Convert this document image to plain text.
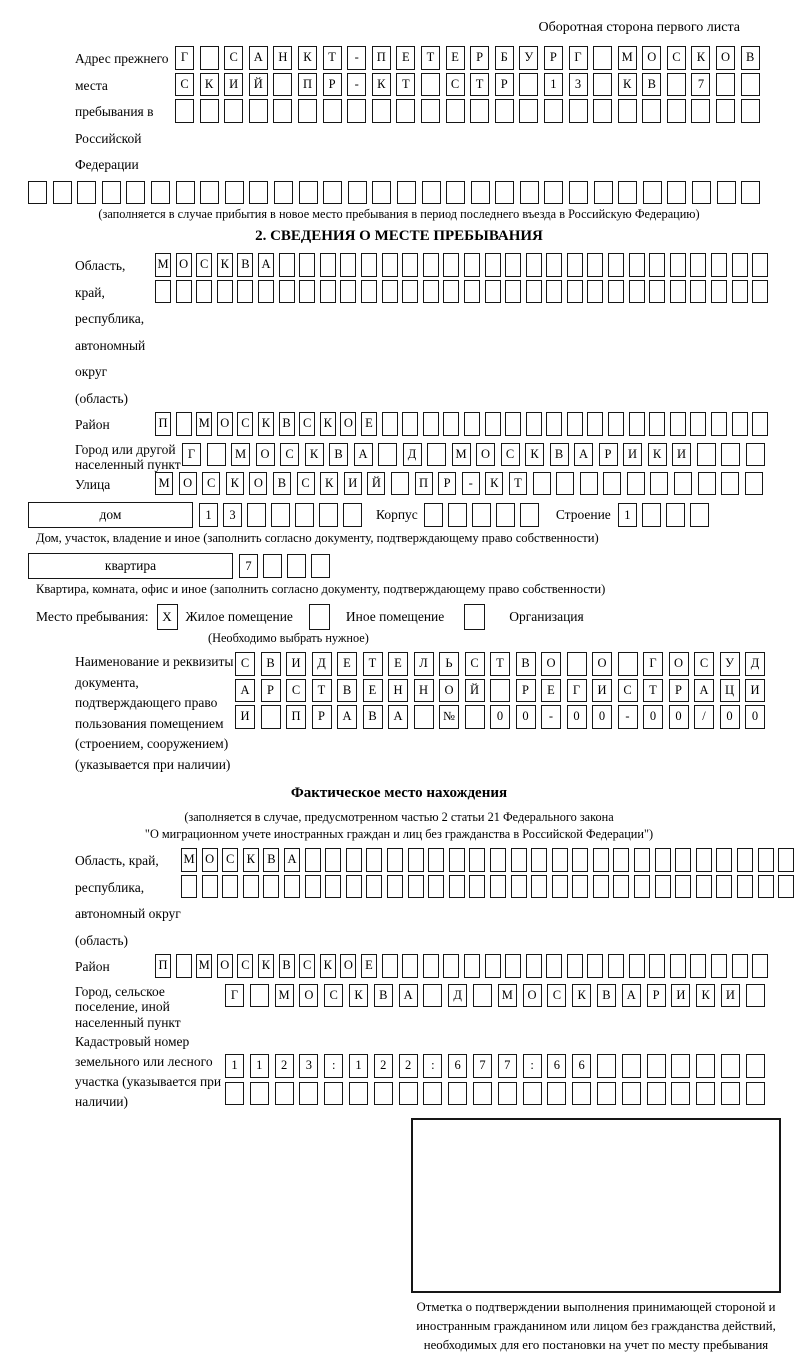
Оборотная сторона первого листа
Адрес прежнего места пребывания в Российской Федерации
Г	С	А	Н	К	Т	-	П	Е	Т	Е	Р	Б	У	Р	Г	М	О	С	К	О	В
С	К	И	Й	П	Р	-	К	Т	С	Т	Р	1	3	К	В	7
(заполняется в случае прибытия в новое место пребывания в период последнего въезда в Российскую Федерацию)
2. СВЕДЕНИЯ О МЕСТЕ ПРЕБЫВАНИЯ
Область, край, республика, автономный округ (область)
М О С К В А
Район	П М О С К В С К О Е
Город или другой населенный пункт
Г	М	О	С	К	В	А	Д	М	О	С	К	В	А	Р	И	К	И
Улица	М	О	С	К	О	В	С	К	И	Й	П	Р	-	К	Т
дом	1	3	Корпус	Строение	1
Дом, участок, владение и иное (заполнить согласно документу, подтверждающему право собственности)
квартира	7
Квартира, комната, офис и иное (заполнить согласно документу, подтверждающему право собственности)
Место пребывания:	X	Жилое помещение	Иное помещение	Организация
(Необходимо выбрать нужное)
Наименование и реквизиты документа, подтверждающего право пользования помещением (строением, сооружением) (указывается при наличии)
С	В	И	Д	Е	Т	Е	Л	Ь	С	Т	В	О	О	Г	О	С	У	Д
А	Р	С	Т	В	Е	Н	Н	О	Й	Р	Е	Г	И	С	Т	Р	А	Ц	И
И	П	Р	А	В	А	№	0	0	-	0	0	-	0	0	/	0	0
Фактическое место нахождения
(заполняется в случае, предусмотренном частью 2 статьи 21 Федерального закона
"О миграционном учете иностранных граждан и лиц без гражданства в Российской Федерации")
Область, край, республика, автономный округ (область)
М О С К В А
Район	П М О С К В С К О Е
Город, сельское поселение, иной населенный пункт
Г	М	О	С	К	В	А	Д	М	О	С	К	В	А	Р	И	К	И
Кадастровый номер земельного или лесного участка (указывается при наличии)
1	1	2	3	:	1	2	2	:	6	7	7	:	6	6
Отметка о подтверждении выполнения принимающей стороной и иностранным гражданином или лицом без гражданства действий, необходимых для его постановки на учет по месту пребывания
